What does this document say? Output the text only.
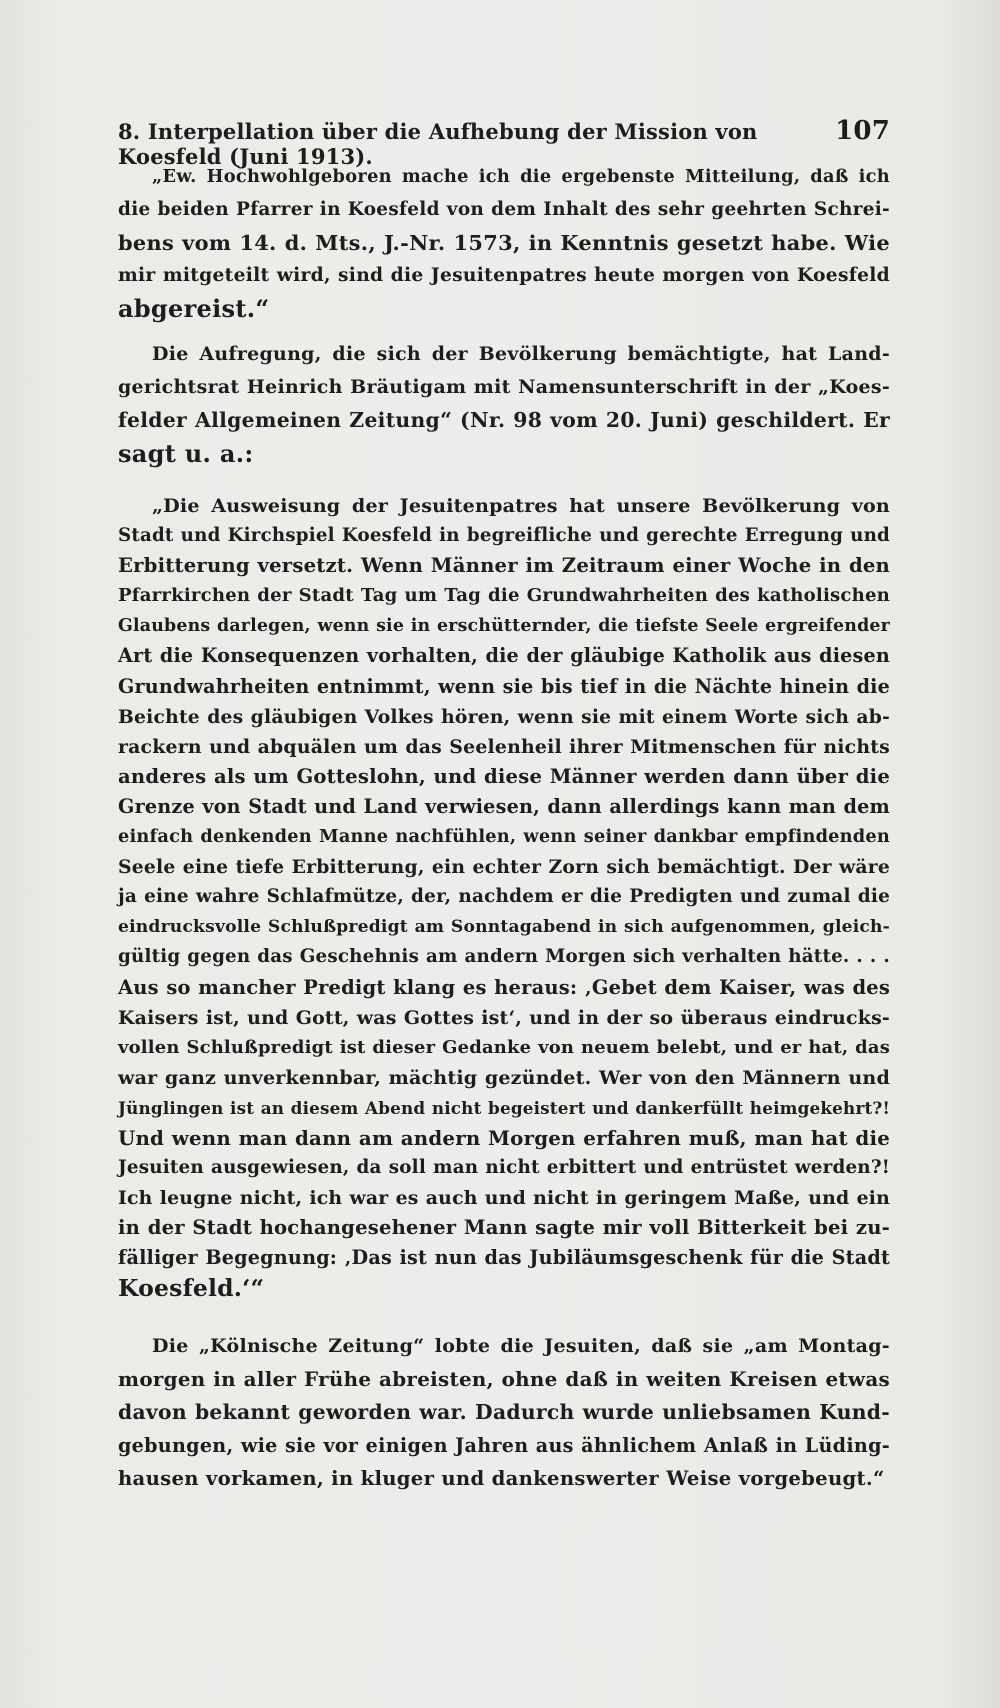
8. Interpellation über die Aufhebung der Mission von Koesfeld (Juni 1913).
107
„Ew. Hochwohlgeboren mache ich die ergebenste Mitteilung, daß ich
die beiden Pfarrer in Koesfeld von dem Inhalt des sehr geehrten Schrei-
bens vom 14. d. Mts., J.-Nr. 1573, in Kenntnis gesetzt habe. Wie
mir mitgeteilt wird, sind die Jesuitenpatres heute morgen von Koesfeld
abgereist.“
Die Aufregung, die sich der Bevölkerung bemächtigte, hat Land-
gerichtsrat Heinrich Bräutigam mit Namensunterschrift in der „Koes-
felder Allgemeinen Zeitung“ (Nr. 98 vom 20. Juni) geschildert. Er
sagt u. a.:
„Die Ausweisung der Jesuitenpatres hat unsere Bevölkerung von
Stadt und Kirchspiel Koesfeld in begreifliche und gerechte Erregung und
Erbitterung versetzt. Wenn Männer im Zeitraum einer Woche in den
Pfarrkirchen der Stadt Tag um Tag die Grundwahrheiten des katholischen
Glaubens darlegen, wenn sie in erschütternder, die tiefste Seele ergreifender
Art die Konsequenzen vorhalten, die der gläubige Katholik aus diesen
Grundwahrheiten entnimmt, wenn sie bis tief in die Nächte hinein die
Beichte des gläubigen Volkes hören, wenn sie mit einem Worte sich ab-
rackern und abquälen um das Seelenheil ihrer Mitmenschen für nichts
anderes als um Gotteslohn, und diese Männer werden dann über die
Grenze von Stadt und Land verwiesen, dann allerdings kann man dem
einfach denkenden Manne nachfühlen, wenn seiner dankbar empfindenden
Seele eine tiefe Erbitterung, ein echter Zorn sich bemächtigt. Der wäre
ja eine wahre Schlafmütze, der, nachdem er die Predigten und zumal die
eindrucksvolle Schlußpredigt am Sonntagabend in sich aufgenommen, gleich-
gültig gegen das Geschehnis am andern Morgen sich verhalten hätte. . . .
Aus so mancher Predigt klang es heraus: ‚Gebet dem Kaiser, was des
Kaisers ist, und Gott, was Gottes ist‘, und in der so überaus eindrucks-
vollen Schlußpredigt ist dieser Gedanke von neuem belebt, und er hat, das
war ganz unverkennbar, mächtig gezündet. Wer von den Männern und
Jünglingen ist an diesem Abend nicht begeistert und dankerfüllt heimgekehrt?!
Und wenn man dann am andern Morgen erfahren muß, man hat die
Jesuiten ausgewiesen, da soll man nicht erbittert und entrüstet werden?!
Ich leugne nicht, ich war es auch und nicht in geringem Maße, und ein
in der Stadt hochangesehener Mann sagte mir voll Bitterkeit bei zu-
fälliger Begegnung: ‚Das ist nun das Jubiläumsgeschenk für die Stadt
Koesfeld.‘“
Die „Kölnische Zeitung“ lobte die Jesuiten, daß sie „am Montag-
morgen in aller Frühe abreisten, ohne daß in weiten Kreisen etwas
davon bekannt geworden war. Dadurch wurde unliebsamen Kund-
gebungen, wie sie vor einigen Jahren aus ähnlichem Anlaß in Lüding-
hausen vorkamen, in kluger und dankenswerter Weise vorgebeugt.“
